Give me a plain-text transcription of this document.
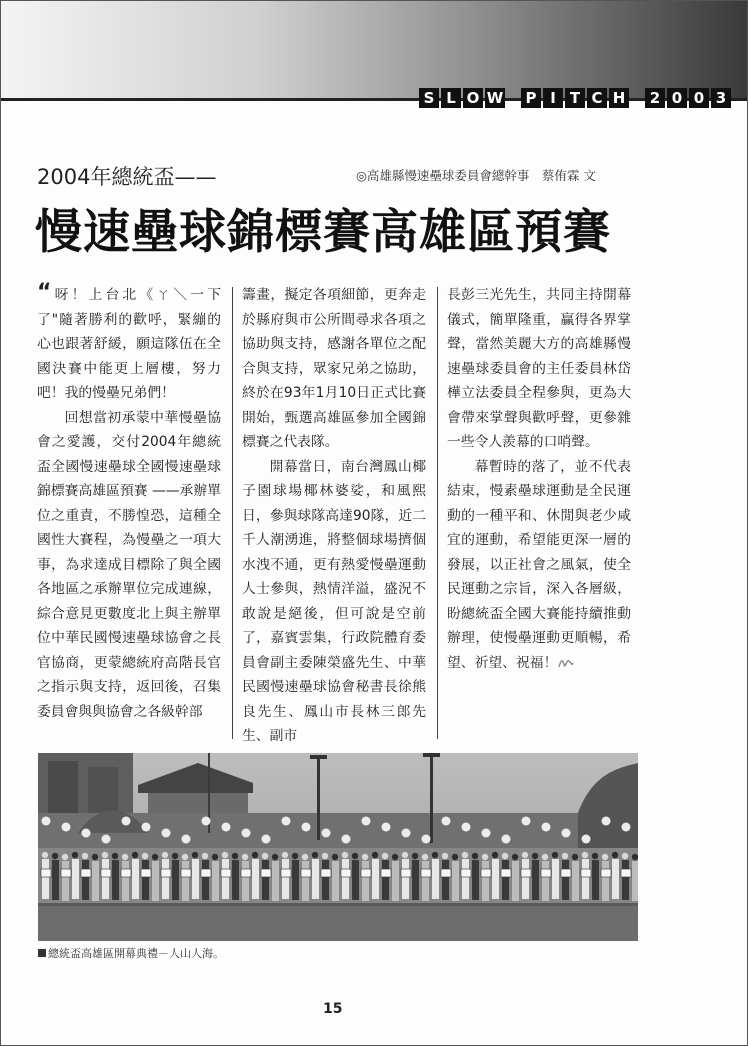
S L O W	P I T C H	2 0 0 3
2004年總統盃——	◎高雄縣慢速壘球委員會總幹事　蔡侑霖 文
慢速壘球錦標賽高雄區預賽

“呀！上台北《ㄚ＼一下了"隨著勝利的歡呼，緊繃的心也跟著舒緩，願這隊伍在全國決賽中能更上層樓，努力吧！我的慢壘兄弟們！

回想當初承蒙中華慢壘協會之愛護，交付2004年總統盃全國慢速壘球全國慢速壘球錦標賽高雄區預賽 ——承辦單位之重責，不勝惶恐，這種全國性大賽程，為慢壘之一項大事，為求達成目標除了與全國各地區之承辦單位完成連線，綜合意見更數度北上與主辦單位中華民國慢速壘球協會之長官協商，更蒙總統府高階長官之指示與支持，返回後，召集委員會與與協會之各級幹部

籌畫，擬定各項細節，更奔走於縣府與市公所間尋求各項之協助與支持，感謝各單位之配合與支持，眾家兄弟之協助，終於在93年1月10日正式比賽開始，甄選高雄區參加全國錦標賽之代表隊。

開幕當日，南台灣鳳山椰子園球場椰林婆娑，和風熙日，參與球隊高達90隊，近二千人潮湧進，將整個球場擠個水洩不通，更有熱愛慢壘運動人士參與，熱情洋溢，盛況不敢說是絕後，但可說是空前了，嘉賓雲集，行政院體育委員會副主委陳榮盛先生、中華民國慢速壘球協會秘書長徐熊良先生、鳳山市長林三郎先生、副市

長彭三光先生，共同主持開幕儀式，簡單隆重，贏得各界掌聲，當然美麗大方的高雄縣慢速壘球委員會的主任委員林岱樺立法委員全程參與，更為大會帶來掌聲與歡呼聲，更參雜一些令人羨幕的口哨聲。

幕暫時的落了，並不代表結束，慢素壘球運動是全民運動的一種平和、休閒與老少咸宜的運動，希望能更深一層的發展，以正社會之風氣，使全民運動之宗旨，深入各層級，盼總統盃全國大賽能持續推動辦理，使慢壘運動更順暢，希望、祈望、祝福！

總統盃高雄區開幕典禮－人山人海。
15
